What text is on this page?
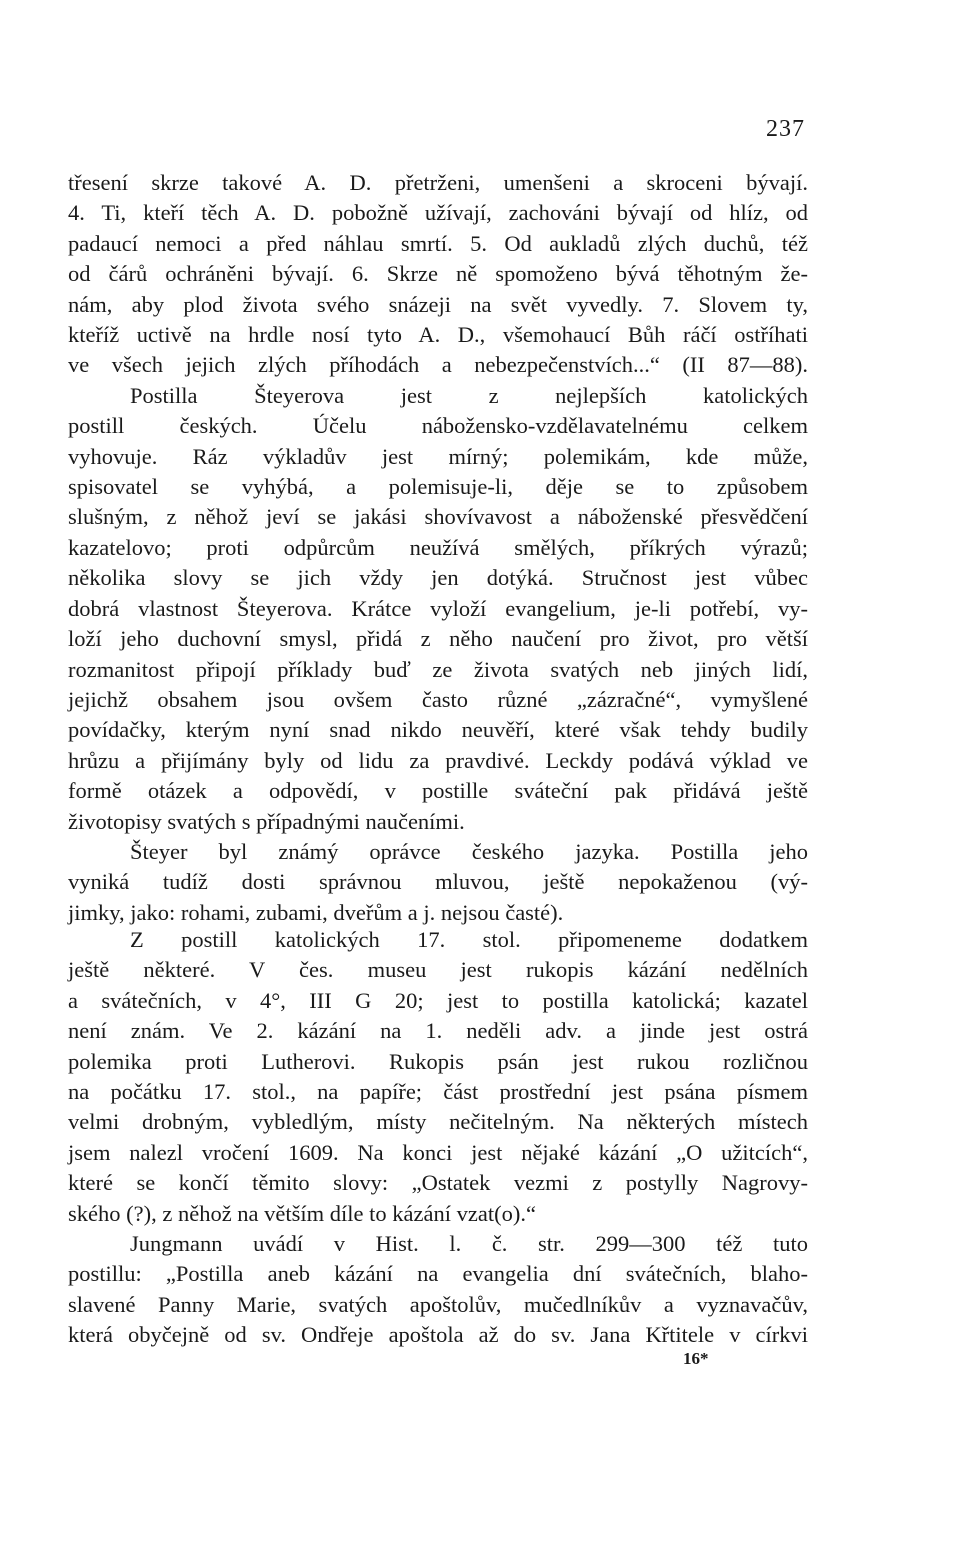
237
třesení skrze takové A. D. přetrženi, umenšeni a skroceni bývají.
4. Ti, kteří těch A. D. pobožně užívají, zachováni bývají od hlíz, od
padaucí nemoci a před náhlau smrtí. 5. Od aukladů zlých duchů, též
od čárů ochráněni bývají. 6. Skrze ně spomoženo bývá těhotným že-
nám, aby plod života svého snázeji na svět vyvedly. 7. Slovem ty,
kteříž uctivě na hrdle nosí tyto A. D., všemohaucí Bůh ráčí ostříhati
ve všech jejich zlých příhodách a nebezpečenstvích...“ (II 87—88).
Postilla Šteyerova jest z nejlepších katolických
postill českých. Účelu nábožensko-vzdělavatelnému celkem
vyhovuje. Ráz výkladův jest mírný; polemikám, kde může,
spisovatel se vyhýbá, a polemisuje-li, děje se to způsobem
slušným, z něhož jeví se jakási shovívavost a náboženské přesvědčení
kazatelovo; proti odpůrcům neužívá smělých, příkrých výrazů;
několika slovy se jich vždy jen dotýká. Stručnost jest vůbec
dobrá vlastnost Šteyerova. Krátce vyloží evangelium, je-li potřebí, vy-
loží jeho duchovní smysl, přidá z něho naučení pro život, pro větší
rozmanitost připojí příklady buď ze života svatých neb jiných lidí,
jejichž obsahem jsou ovšem často různé „zázračné“, vymyšlené
povídačky, kterým nyní snad nikdo neuvěří, které však tehdy budily
hrůzu a přijímány byly od lidu za pravdivé. Leckdy podává výklad ve
formě otázek a odpovědí, v postille sváteční pak přidává ještě
životopisy svatých s případnými naučeními.
Šteyer byl známý oprávce českého jazyka. Postilla jeho
vyniká tudíž dosti správnou mluvou, ještě nepokaženou (vý-
jimky, jako: rohami, zubami, dveřům a j. nejsou časté).
Z postill katolických 17. stol. připomeneme dodatkem
ještě některé. V čes. museu jest rukopis kázání nedělních
a svátečních, v 4°, III G 20; jest to postilla katolická; kazatel
není znám. Ve 2. kázání na 1. neděli adv. a jinde jest ostrá
polemika proti Lutherovi. Rukopis psán jest rukou rozličnou
na počátku 17. stol., na papíře; část prostřední jest psána písmem
velmi drobným, vybledlým, místy nečitelným. Na některých místech
jsem nalezl vročení 1609. Na konci jest nějaké kázání „O užitcích“,
které se končí těmito slovy: „Ostatek vezmi z postylly Nagrovy-
ského (?), z něhož na větším díle to kázání vzat(o).“
Jungmann uvádí v Hist. l. č. str. 299—300 též tuto
postillu: „Postilla aneb kázání na evangelia dní svátečních, blaho-
slavené Panny Marie, svatých apoštolův, mučedlníkův a vyznavačův,
která obyčejně od sv. Ondřeje apoštola až do sv. Jana Křtitele v církvi
16*
